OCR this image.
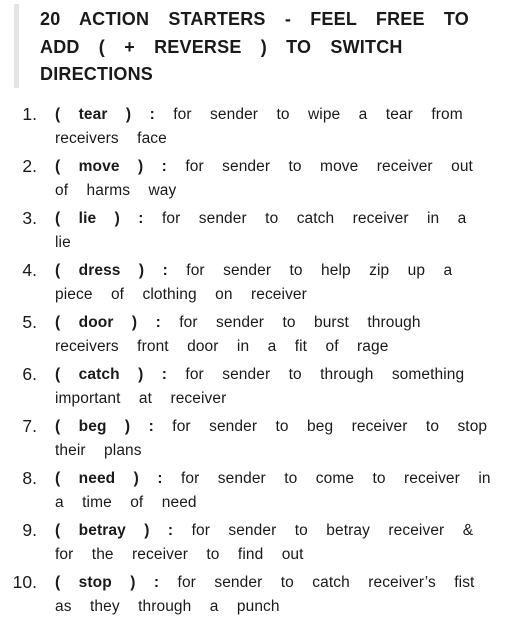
20 ACTION STARTERS - FEEL FREE TO ADD ( + REVERSE ) TO SWITCH DIRECTIONS
1. ( tear ) : for sender to wipe a tear from receivers face
2. ( move ) : for sender to move receiver out of harms way
3. ( lie ) : for sender to catch receiver in a lie
4. ( dress ) : for sender to help zip up a piece of clothing on receiver
5. ( door ) : for sender to burst through receivers front door in a fit of rage
6. ( catch ) : for sender to through something important at receiver
7. ( beg ) : for sender to beg receiver to stop their plans
8. ( need ) : for sender to come to receiver in a time of need
9. ( betray ) : for sender to betray receiver & for the receiver to find out
10. ( stop ) : for sender to catch receiver’s fist as they through a punch
